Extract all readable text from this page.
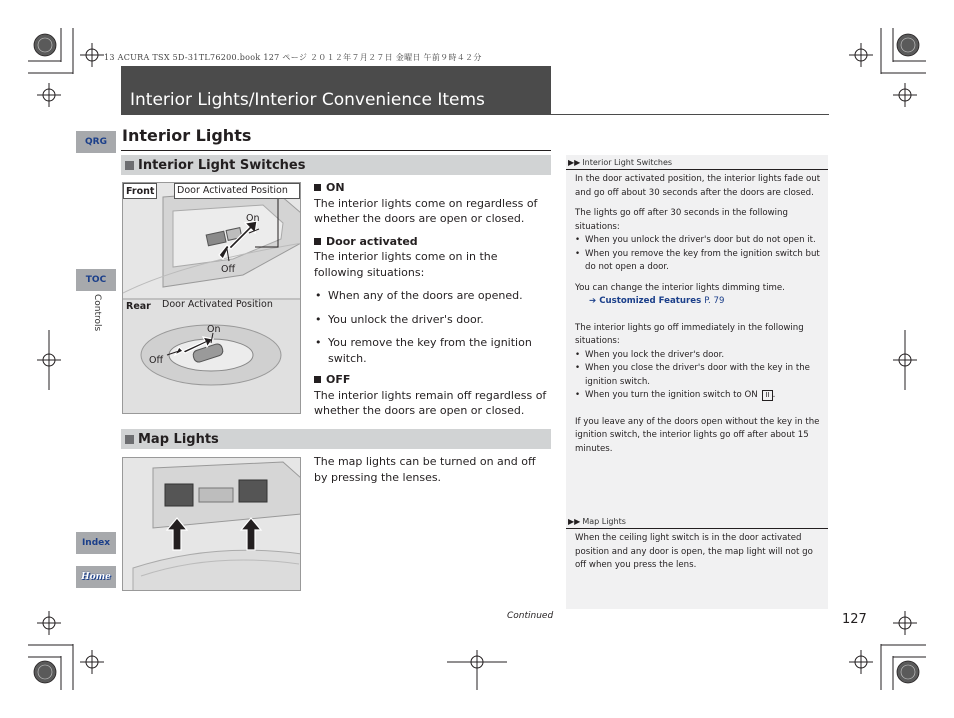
13 ACURA TSX 5D-31TL76200.book 127 ページ ２０１２年７月２７日 金曜日 午前９時４２分
Interior Lights/Interior Convenience Items
QRG
TOC
Controls
Index
Home
Interior Lights
Interior Light Switches
Front Door Activated Position
On
Off
Rear Door Activated Position
On
Off
ON

The interior lights come on regardless of whether the doors are open or closed.

Door activated

The interior lights come on in the following situations:

• When any of the doors are opened.

• You unlock the driver's door.

• You remove the key from the ignition switch.

OFF

The interior lights remain off regardless of whether the doors are open or closed.

Map Lights

The map lights can be turned on and off by pressing the lenses.

▶▶ Interior Light Switches

In the door activated position, the interior lights fade out and go off about 30 seconds after the doors are closed.

The lights go off after 30 seconds in the following situations:

• When you unlock the driver's door but do not open it.

• When you remove the key from the ignition switch but do not open a door.

You can change the interior lights dimming time.

➔ Customized Features P. 79

The interior lights go off immediately in the following situations:

• When you lock the driver's door.

• When you close the driver's door with the key in the ignition switch.

• When you turn the ignition switch to ON II .

If you leave any of the doors open without the key in the ignition switch, the interior lights go off after about 15 minutes.

▶▶ Map Lights

When the ceiling light switch is in the door activated position and any door is open, the map light will not go off when you press the lens.

Continued	127
